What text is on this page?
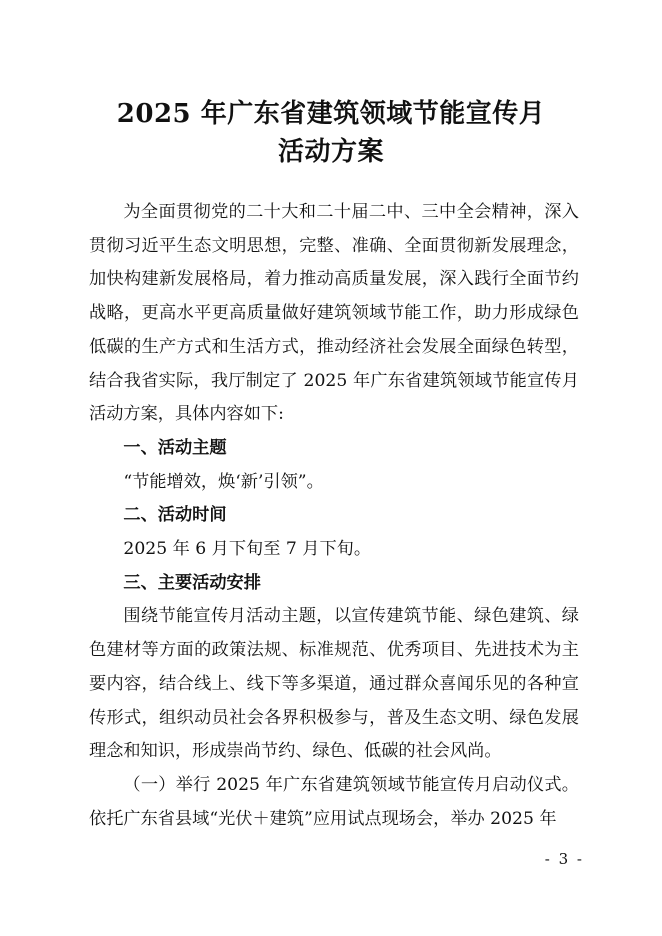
2025 年广东省建筑领域节能宣传月
活动方案

为全面贯彻党的二十大和二十届二中、三中全会精神，深入贯彻习近平生态文明思想，完整、准确、全面贯彻新发展理念，加快构建新发展格局，着力推动高质量发展，深入践行全面节约战略，更高水平更高质量做好建筑领域节能工作，助力形成绿色低碳的生产方式和生活方式，推动经济社会发展全面绿色转型，结合我省实际，我厅制定了 2025 年广东省建筑领域节能宣传月活动方案，具体内容如下:

一、活动主题

“节能增效，焕‘新’引领”。

二、活动时间

2025 年 6 月下旬至 7 月下旬。

三、主要活动安排

围绕节能宣传月活动主题，以宣传建筑节能、绿色建筑、绿色建材等方面的政策法规、标准规范、优秀项目、先进技术为主要内容，结合线上、线下等多渠道，通过群众喜闻乐见的各种宣传形式，组织动员社会各界积极参与，普及生态文明、绿色发展理念和知识，形成崇尚节约、绿色、低碳的社会风尚。

（一）举行 2025 年广东省建筑领域节能宣传月启动仪式。依托广东省县域“光伏＋建筑”应用试点现场会，举办 2025 年

- 3 -
